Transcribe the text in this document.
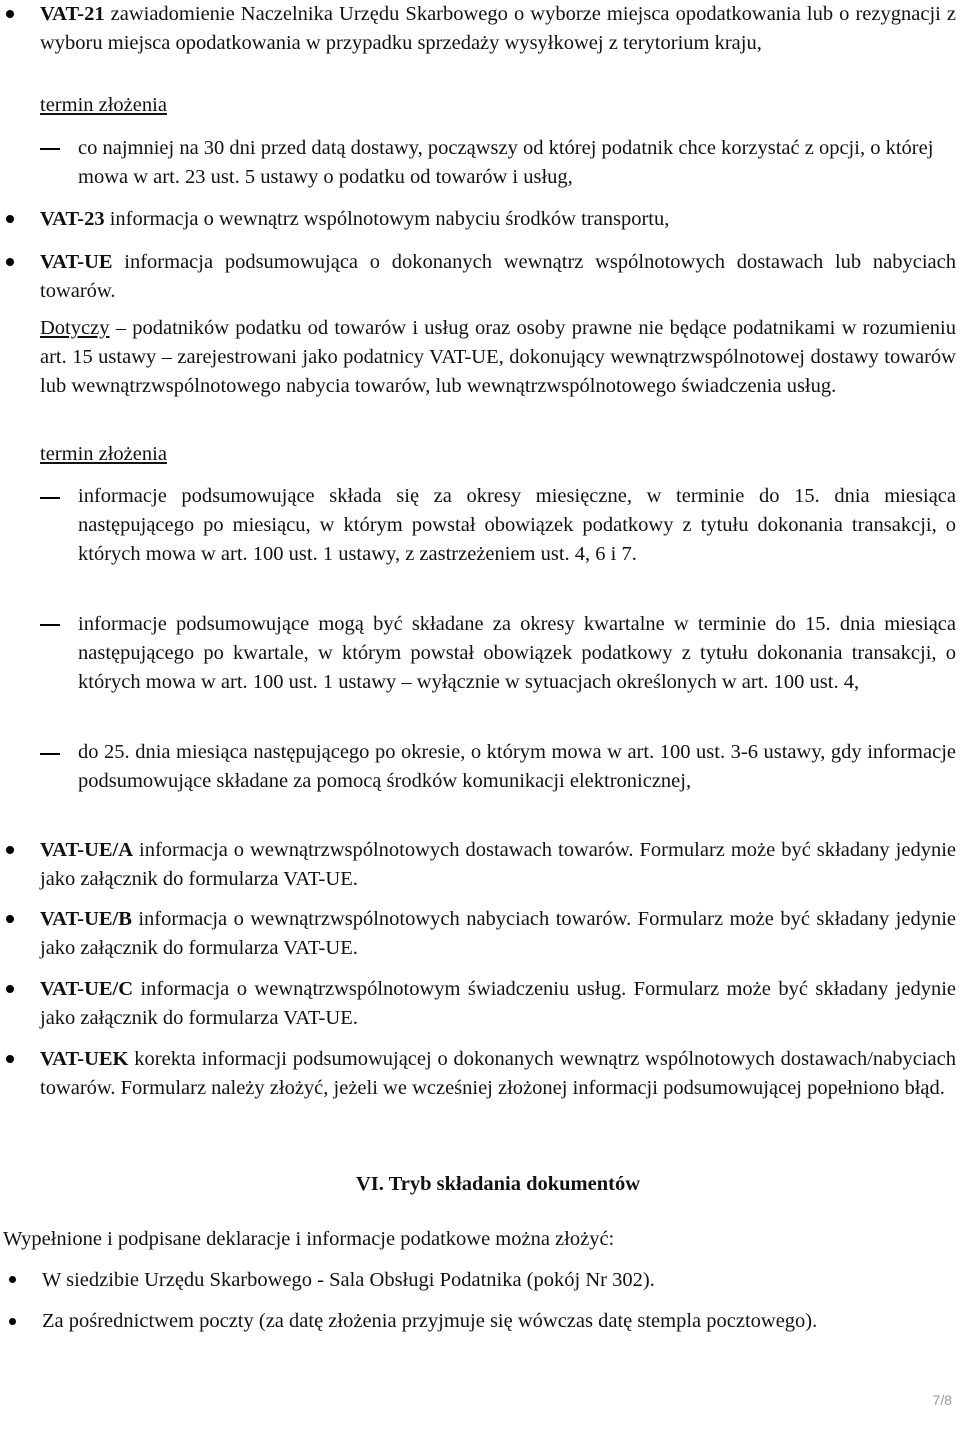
VAT-21 zawiadomienie Naczelnika Urzędu Skarbowego o wyborze miejsca opodatkowania lub o rezygnacji z wyboru miejsca opodatkowania w przypadku sprzedaży wysyłkowej z terytorium kraju,
termin złożenia
co najmniej na 30 dni przed datą dostawy, począwszy od której podatnik chce korzystać z opcji, o której mowa w art. 23 ust. 5 ustawy o podatku od towarów i usług,
VAT-23 informacja o wewnątrz wspólnotowym nabyciu środków transportu,
VAT-UE informacja podsumowująca o dokonanych wewnątrz wspólnotowych dostawach lub nabyciach towarów.
Dotyczy – podatników podatku od towarów i usług oraz osoby prawne nie będące podatnikami w rozumieniu art. 15 ustawy – zarejestrowani jako podatnicy VAT-UE, dokonujący wewnątrzwspólnotowej dostawy towarów lub wewnątrzwspólnotowego nabycia towarów, lub wewnątrzwspólnotowego świadczenia usług.
termin złożenia
informacje podsumowujące składa się za okresy miesięczne, w terminie do 15. dnia miesiąca następującego po miesiącu, w którym powstał obowiązek podatkowy z tytułu dokonania transakcji, o których mowa w art. 100 ust. 1 ustawy, z zastrzeżeniem ust. 4, 6 i 7.
informacje podsumowujące mogą być składane za okresy kwartalne w terminie do 15. dnia miesiąca następującego po kwartale, w którym powstał obowiązek podatkowy z tytułu dokonania transakcji, o których mowa w art. 100 ust. 1 ustawy – wyłącznie w sytuacjach określonych w art. 100 ust. 4,
do 25. dnia miesiąca następującego po okresie, o którym mowa w art. 100 ust. 3-6 ustawy, gdy informacje podsumowujące składane za pomocą środków komunikacji elektronicznej,
VAT-UE/A informacja o wewnątrzwspólnotowych dostawach towarów. Formularz może być składany jedynie jako załącznik do formularza VAT-UE.
VAT-UE/B informacja o wewnątrzwspólnotowych nabyciach towarów. Formularz może być składany jedynie jako załącznik do formularza VAT-UE.
VAT-UE/C informacja o wewnątrzwspólnotowym świadczeniu usług. Formularz może być składany jedynie jako załącznik do formularza VAT-UE.
VAT-UEK korekta informacji podsumowującej o dokonanych wewnątrz wspólnotowych dostawach/nabyciach towarów. Formularz należy złożyć, jeżeli we wcześniej złożonej informacji podsumowującej popełniono błąd.
VI. Tryb składania dokumentów
Wypełnione i podpisane deklaracje i informacje podatkowe można złożyć:
W siedzibie Urzędu Skarbowego - Sala Obsługi Podatnika (pokój Nr 302).
Za pośrednictwem poczty (za datę złożenia przyjmuje się wówczas datę stempla pocztowego).
7/8
